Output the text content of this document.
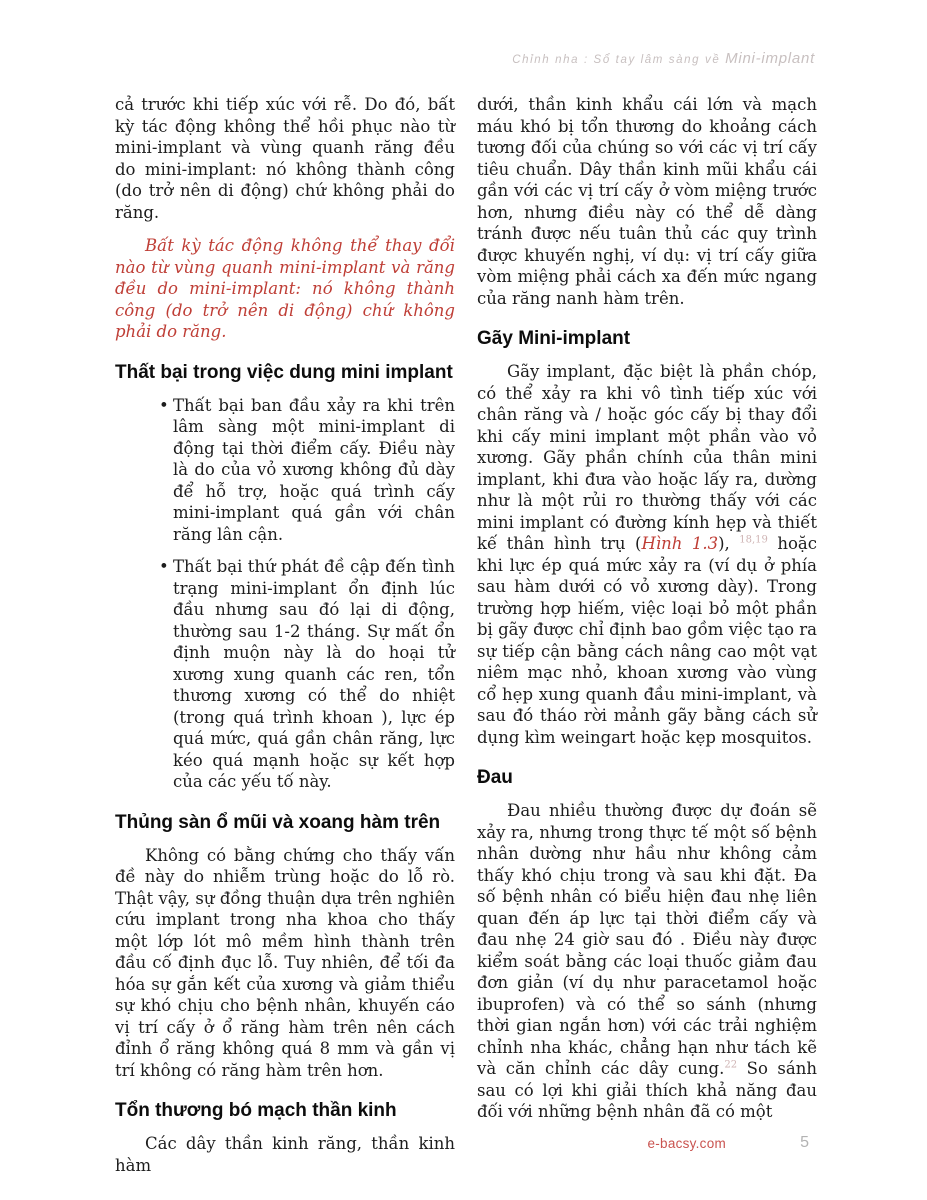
Chỉnh nha : Sổ tay lâm sàng về Mini-implant

cả trước khi tiếp xúc với rễ. Do đó, bất kỳ tác động không thể hồi phục nào từ mini-implant và vùng quanh răng đều do mini-implant: nó không thành công (do trở nên di động) chứ không phải do răng.

Bất kỳ tác động không thể thay đổi nào từ vùng quanh mini-implant và răng đều do mini-implant: nó không thành công (do trở nên di động) chứ không phải do răng.

Thất bại trong việc dung mini implant
• Thất bại ban đầu xảy ra khi trên lâm sàng một mini-implant di động tại thời điểm cấy. Điều này là do của vỏ xương không đủ dày để hỗ trợ, hoặc quá trình cấy mini-implant quá gần với chân răng lân cận.
• Thất bại thứ phát đề cập đến tình trạng mini-implant ổn định lúc đầu nhưng sau đó lại di động, thường sau 1-2 tháng. Sự mất ổn định muộn này là do hoại tử xương xung quanh các ren, tổn thương xương có thể do nhiệt (trong quá trình khoan ), lực ép quá mức, quá gần chân răng, lực kéo quá mạnh hoặc sự kết hợp của các yếu tố này.
Thủng sàn ổ mũi và xoang hàm trên

Không có bằng chứng cho thấy vấn đề này do nhiễm trùng hoặc do lỗ rò. Thật vậy, sự đồng thuận dựa trên nghiên cứu implant trong nha khoa cho thấy một lớp lót mô mềm hình thành trên đầu cố định đục lỗ. Tuy nhiên, để tối đa hóa sự gắn kết của xương và giảm thiểu sự khó chịu cho bệnh nhân, khuyến cáo vị trí cấy ở ổ răng hàm trên nên cách đỉnh ổ răng không quá 8 mm và gần vị trí không có răng hàm trên hơn.

Tổn thương bó mạch thần kinh

Các dây thần kinh răng, thần kinh hàm

dưới, thần kinh khẩu cái lớn và mạch máu khó bị tổn thương do khoảng cách tương đối của chúng so với các vị trí cấy tiêu chuẩn. Dây thần kinh mũi khẩu cái gần với các vị trí cấy ở vòm miệng trước hơn, nhưng điều này có thể dễ dàng tránh được nếu tuân thủ các quy trình được khuyến nghị, ví dụ: vị trí cấy giữa vòm miệng phải cách xa đến mức ngang của răng nanh hàm trên.

Gãy Mini-implant

Gãy implant, đặc biệt là phần chóp, có thể xảy ra khi vô tình tiếp xúc với chân răng và / hoặc góc cấy bị thay đổi khi cấy mini implant một phần vào vỏ xương. Gãy phần chính của thân mini implant, khi đưa vào hoặc lấy ra, dường như là một rủi ro thường thấy với các mini implant có đường kính hẹp và thiết kế thân hình trụ (Hình 1.3), $^{18,19}$ hoặc khi lực ép quá mức xảy ra (ví dụ ở phía sau hàm dưới có vỏ xương dày). Trong trường hợp hiếm, việc loại bỏ một phần bị gãy được chỉ định bao gồm việc tạo ra sự tiếp cận bằng cách nâng cao một vạt niêm mạc nhỏ, khoan xương vào vùng cổ hẹp xung quanh đầu mini-implant, và sau đó tháo rời mảnh gãy bằng cách sử dụng kìm weingart hoặc kẹp mosquitos.

Đau

Đau nhiều thường được dự đoán sẽ xảy ra, nhưng trong thực tế một số bệnh nhân dường như hầu như không cảm thấy khó chịu trong và sau khi đặt. Đa số bệnh nhân có biểu hiện đau nhẹ liên quan đến áp lực tại thời điểm cấy và đau nhẹ 24 giờ sau đó . Điều này được kiểm soát bằng các loại thuốc giảm đau đơn giản (ví dụ như paracetamol hoặc ibuprofen) và có thể so sánh (nhưng thời gian ngắn hơn) với các trải nghiệm chỉnh nha khác, chẳng hạn như tách kẽ và căn chỉnh các dây cung.$^{22}$ So sánh sau có lợi khi giải thích khả năng đau đối với những bệnh nhân đã có một

e-bacsy.com	5
